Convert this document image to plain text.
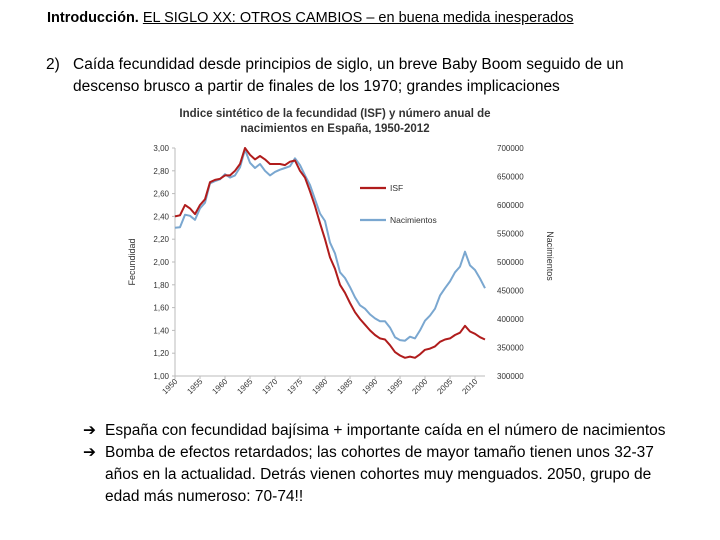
Introducción. EL SIGLO XX: OTROS CAMBIOS – en buena medida inesperados
2) Caída fecundidad desde principios de siglo, un breve Baby Boom seguido de un descenso brusco a partir de finales de los 1970; grandes implicaciones
Indice sintético de la fecundidad (ISF) y número anual de
nacimientos en España, 1950-2012
3,00
2,80
2,60
2,40
2,20
2,00
1,80
1,60
1,40
1,20
1,00
700000
650000
600000
550000
500000
450000
400000
350000
300000
1950 1955 1960 1965 1970 1975 1980 1985 1990 1995 2000 2005 2010
Fecundidad	Nacimientos
ISF
Nacimientos
➔ España con fecundidad bajísima + importante caída en el número de nacimientos
➔ Bomba de efectos retardados; las cohortes de mayor tamaño tienen unos 32-37 años en la actualidad. Detrás vienen cohortes muy menguados. 2050, grupo de edad más numeroso: 70-74!!
